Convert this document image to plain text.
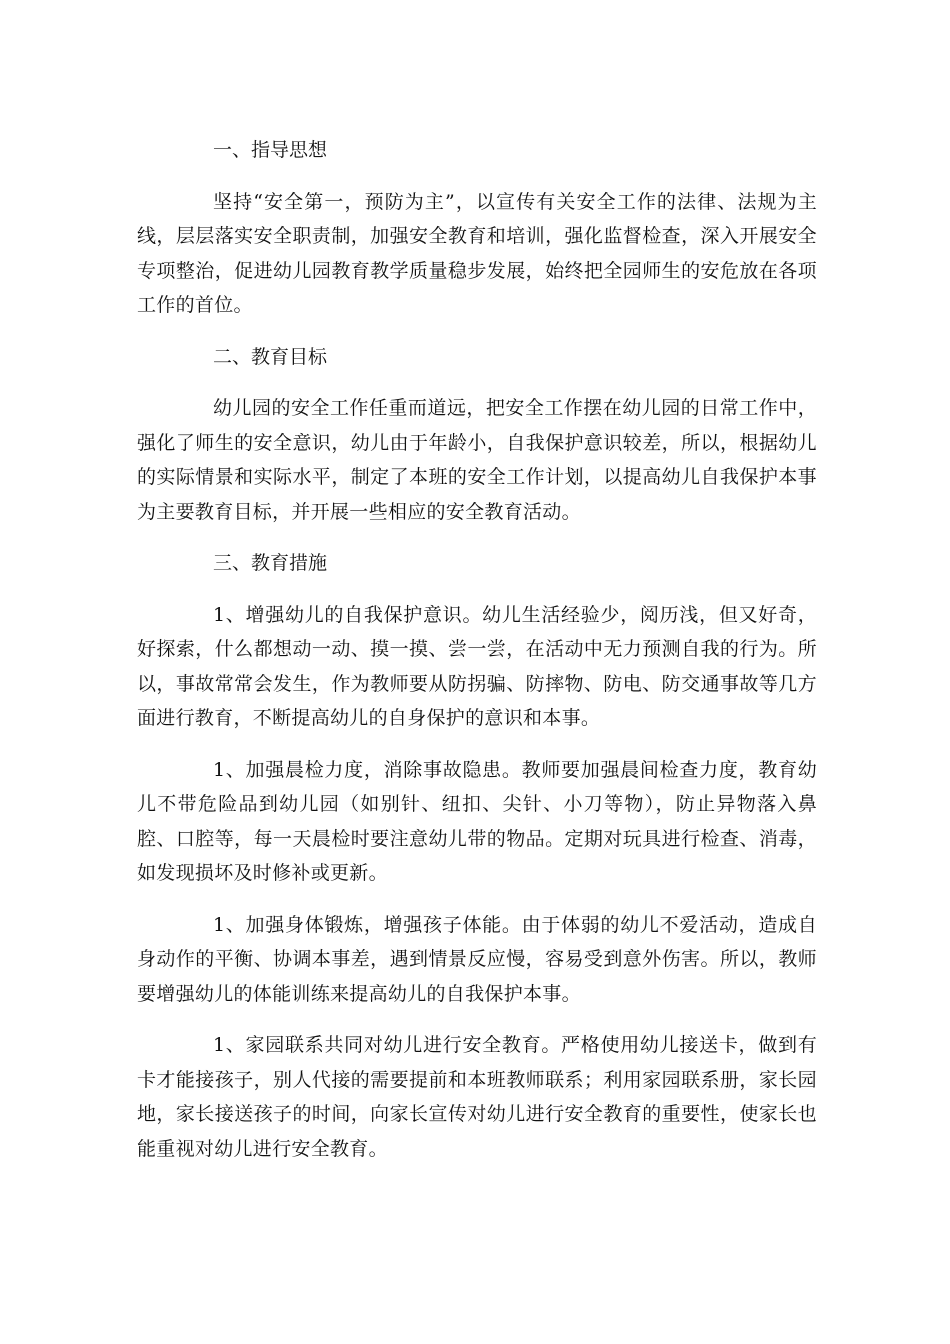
一、指导思想

坚持“安全第一，预防为主”，以宣传有关安全工作的法律、法规为主线，层层落实安全职责制，加强安全教育和培训，强化监督检查，深入开展安全专项整治，促进幼儿园教育教学质量稳步发展，始终把全园师生的安危放在各项工作的首位。

二、教育目标

幼儿园的安全工作任重而道远，把安全工作摆在幼儿园的日常工作中，强化了师生的安全意识，幼儿由于年龄小，自我保护意识较差，所以，根据幼儿的实际情景和实际水平，制定了本班的安全工作计划，以提高幼儿自我保护本事为主要教育目标，并开展一些相应的安全教育活动。

三、教育措施

1、增强幼儿的自我保护意识。幼儿生活经验少，阅历浅，但又好奇，好探索，什么都想动一动、摸一摸、尝一尝，在活动中无力预测自我的行为。所以，事故常常会发生，作为教师要从防拐骗、防摔物、防电、防交通事故等几方面进行教育，不断提高幼儿的自身保护的意识和本事。

1、加强晨检力度，消除事故隐患。教师要加强晨间检查力度，教育幼儿不带危险品到幼儿园（如别针、纽扣、尖针、小刀等物），防止异物落入鼻腔、口腔等，每一天晨检时要注意幼儿带的物品。定期对玩具进行检查、消毒，如发现损坏及时修补或更新。

1、加强身体锻炼，增强孩子体能。由于体弱的幼儿不爱活动，造成自身动作的平衡、协调本事差，遇到情景反应慢，容易受到意外伤害。所以，教师要增强幼儿的体能训练来提高幼儿的自我保护本事。

1、家园联系共同对幼儿进行安全教育。严格使用幼儿接送卡，做到有卡才能接孩子，别人代接的需要提前和本班教师联系；利用家园联系册，家长园地，家长接送孩子的时间，向家长宣传对幼儿进行安全教育的重要性，使家长也能重视对幼儿进行安全教育。
